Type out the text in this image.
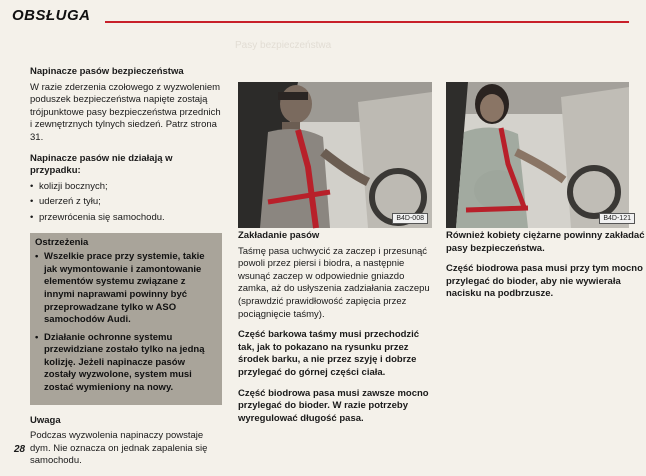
OBSŁUGA
Pasy bezpieczeństwa
Napinacze pasów bezpieczeństwa
W razie zderzenia czołowego z wyzwoleniem poduszek bezpieczeństwa napięte zostają trójpunktowe pasy bezpieczeństwa przednich i zewnętrznych tylnych siedzeń. Patrz strona 31.
Napinacze pasów nie działają w przypadku:
• kolizji bocznych;
• uderzeń z tyłu;
• przewrócenia się samochodu.
Ostrzeżenia
• Wszelkie prace przy systemie, takie jak wymontowanie i zamontowanie elementów systemu związane z innymi naprawami powinny być przeprowadzane tylko w ASO samochodów Audi.
• Działanie ochronne systemu przewidziane zostało tylko na jedną kolizję. Jeżeli napinacze pasów zostały wyzwolone, system musi zostać wymieniony na nowy.
Uwaga
Podczas wyzwolenia napinaczy powstaje dym. Nie oznacza on jednak zapalenia się samochodu.
B4D-008	B4D-121
Zakładanie pasów
Taśmę pasa uchwycić za zaczep i przesunąć powoli przez piersi i biodra, a następnie wsunąć zaczep w odpowiednie gniazdo zamka, aż do usłyszenia zadziałania zaczepu (sprawdzić prawidłowość zapięcia przez pociągnięcie taśmy).
Część barkowa taśmy musi przechodzić tak, jak to pokazano na rysunku przez środek barku, a nie przez szyję i dobrze przylegać do górnej części ciała.
Część biodrowa pasa musi zawsze mocno przylegać do bioder. W razie potrzeby wyregulować długość pasa.
Również kobiety ciężarne powinny zakładać pasy bezpieczeństwa.
Część biodrowa pasa musi przy tym mocno przylegać do bioder, aby nie wywierała nacisku na podbrzusze.
28
